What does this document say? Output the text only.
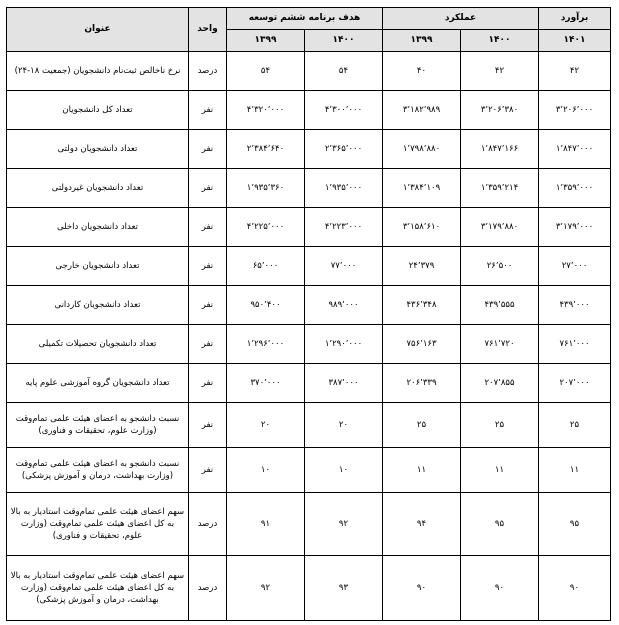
برآورد	عملکرد		هدف برنامه ششم توسعه		واحد	عنوان
۱۴۰۱	۱۴۰۰	۱۳۹۹	۱۴۰۰	۱۳۹۹		
۴۲	۴۲	۴۰	۵۴	۵۴	درصد	نرخ ناخالص ثبت‌نام دانشجویان (جمعیت ۱۸-۲۴)
۳٬۲۰۶٬۰۰۰	۳٬۲۰۶٬۳۸۰	۳٬۱۸۲٬۹۸۹	۴٬۳۰۰٬۰۰۰	۴٬۳۲۰٬۰۰۰	نفر	تعداد کل دانشجویان
۱٬۸۴۷٬۰۰۰	۱٬۸۴۷٬۱۶۶	۱٬۷۹۸٬۸۸۰	۲٬۳۶۵٬۰۰۰	۲٬۳۸۴٬۶۴۰	نفر	تعداد دانشجویان دولتی
۱٬۳۵۹٬۰۰۰	۱٬۳۵۹٬۲۱۴	۱٬۳۸۴٬۱۰۹	۱٬۹۳۵٬۰۰۰	۱٬۹۳۵٬۳۶۰	نفر	تعداد دانشجویان غیردولتی
۳٬۱۷۹٬۰۰۰	۳٬۱۷۹٬۸۸۰	۳٬۱۵۸٬۶۱۰	۴٬۲۲۳٬۰۰۰	۴٬۲۲۵٬۰۰۰	نفر	تعداد دانشجویان داخلی
۲۷٬۰۰۰	۲۶٬۵۰۰	۲۴٬۳۷۹	۷۷٬۰۰۰	۶۵٬۰۰۰	نفر	تعداد دانشجویان خارجی
۴۳۹٬۰۰۰	۴۳۹٬۵۵۵	۴۳۶٬۳۴۸	۹۸۹٬۰۰۰	۹۵۰٬۴۰۰	نفر	تعداد دانشجویان کاردانی
۷۶۱٬۰۰۰	۷۶۱٬۷۲۰	۷۵۶٬۱۶۳	۱٬۲۹۰٬۰۰۰	۱٬۲۹۶٬۰۰۰	نفر	تعداد دانشجویان تحصیلات تکمیلی
۲۰۷٬۰۰۰	۲۰۷٬۸۵۵	۲۰۶٬۳۳۹	۳۸۷٬۰۰۰	۳۷۰٬۰۰۰	نفر	تعداد دانشجویان گروه آموزشی علوم پایه
۲۵	۲۵	۲۵	۲۰	۲۰	نفر	نسبت دانشجو به اعضای هیئت علمی تمام‌وقت (وزارت علوم، تحقیقات و فناوری)
۱۱	۱۱	۱۱	۱۰	۱۰	نفر	نسبت دانشجو به اعضای هیئت علمی تمام‌وقت (وزارت بهداشت، درمان و آموزش پزشکی)
۹۵	۹۵	۹۴	۹۲	۹۱	درصد	سهم اعضای هیئت علمی تمام‌وقت استادیار به بالا به کل اعضای هیئت علمی تمام‌وقت (وزارت علوم، تحقیقات و فناوری)
۹۰	۹۰	۹۰	۹۳	۹۲	درصد	سهم اعضای هیئت علمی تمام‌وقت استادیار به بالا به کل اعضای هیئت علمی تمام‌وقت (وزارت بهداشت، درمان و آموزش پزشکی)
